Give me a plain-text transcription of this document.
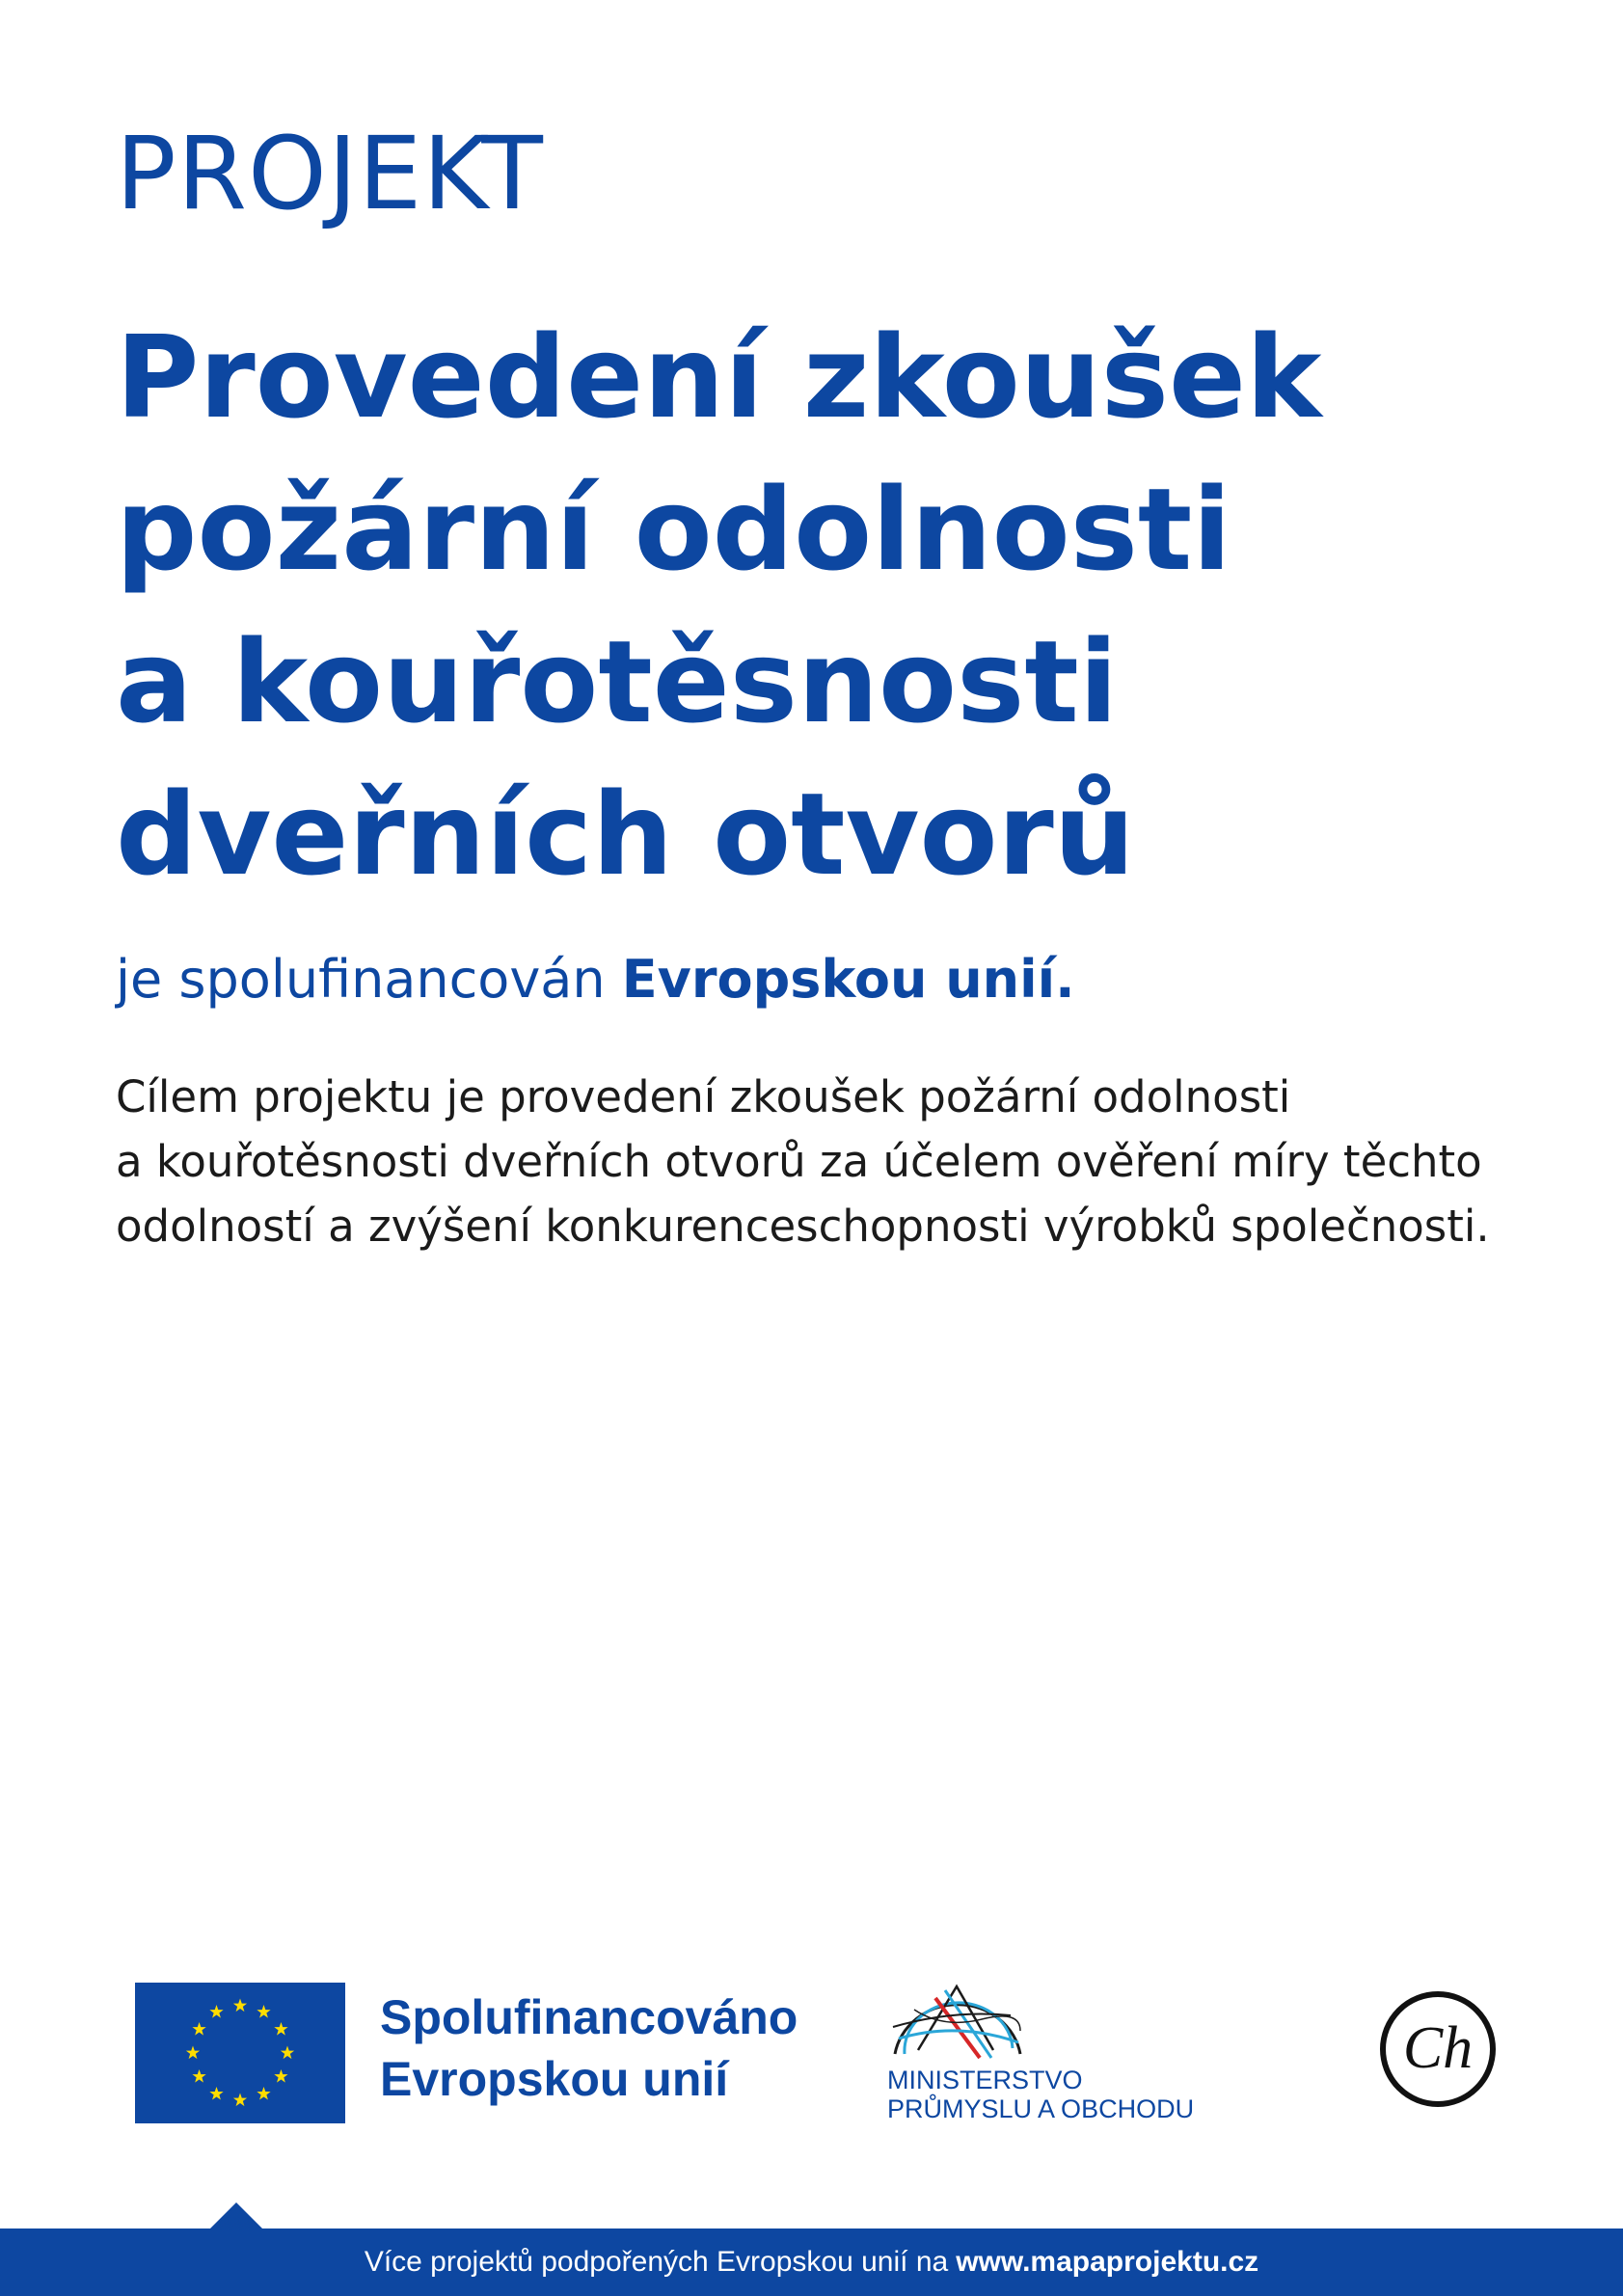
PROJEKT
Provedení zkoušek
požární odolnosti
a kouřotěsnosti
dveřních otvorů
je spolufinancován Evropskou unií.
Cílem projektu je provedení zkoušek požární odolnosti
a kouřotěsnosti dveřních otvorů za účelem ověření míry těchto
odolností a zvýšení konkurenceschopnosti výrobků společnosti.
Spolufinancováno
Evropskou unií	MINISTERSTVO
PRŮMYSLU A OBCHODU
Ch
Více projektů podpořených Evropskou unií na www.mapaprojektu.cz
